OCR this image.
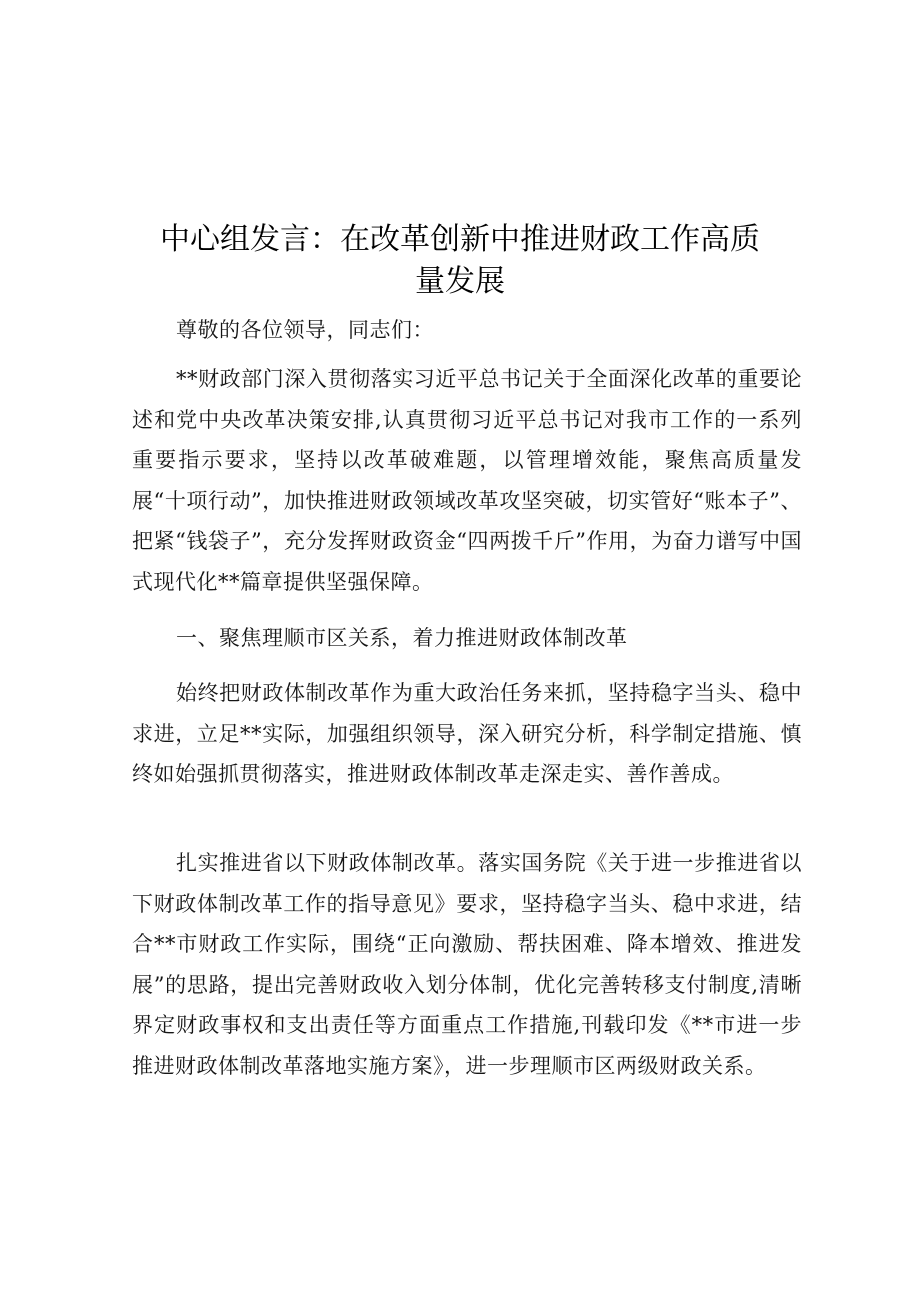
中心组发言：在改革创新中推进财政工作高质
量发展

尊敬的各位领导，同志们：

**财政部门深入贯彻落实习近平总书记关于全面深化改革的重要论述和党中央改革决策安排,认真贯彻习近平总书记对我市工作的一系列重要指示要求，坚持以改革破难题，以管理增效能，聚焦高质量发展“十项行动”，加快推进财政领域改革攻坚突破，切实管好“账本子”、把紧“钱袋子”，充分发挥财政资金“四两拨千斤”作用，为奋力谱写中国式现代化**篇章提供坚强保障。

一、聚焦理顺市区关系，着力推进财政体制改革

始终把财政体制改革作为重大政治任务来抓，坚持稳字当头、稳中求进，立足**实际，加强组织领导，深入研究分析，科学制定措施、慎终如始强抓贯彻落实，推进财政体制改革走深走实、善作善成。

扎实推进省以下财政体制改革。落实国务院《关于进一步推进省以下财政体制改革工作的指导意见》要求，坚持稳字当头、稳中求进，结合**市财政工作实际，围绕“正向激励、帮扶困难、降本增效、推进发展”的思路，提出完善财政收入划分体制，优化完善转移支付制度,清晰界定财政事权和支出责任等方面重点工作措施,刊载印发《**市进一步推进财政体制改革落地实施方案》，进一步理顺市区两级财政关系。
